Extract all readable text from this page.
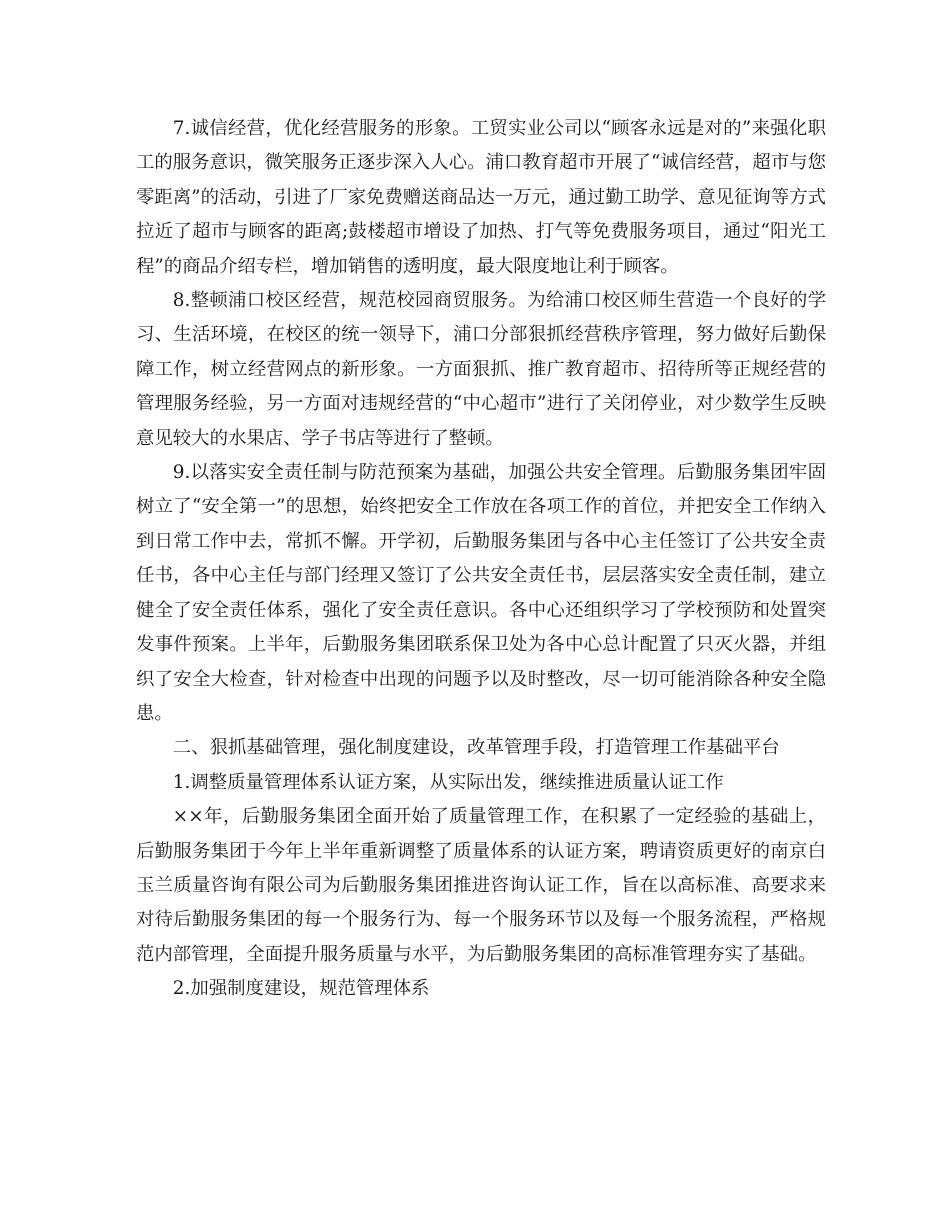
7.诚信经营，优化经营服务的形象。工贸实业公司以“顾客永远是对的”来强化职工的服务意识，微笑服务正逐步深入人心。浦口教育超市开展了“诚信经营，超市与您零距离”的活动，引进了厂家免费赠送商品达一万元，通过勤工助学、意见征询等方式拉近了超市与顾客的距离;鼓楼超市增设了加热、打气等免费服务项目，通过“阳光工程”的商品介绍专栏，增加销售的透明度，最大限度地让利于顾客。

8.整顿浦口校区经营，规范校园商贸服务。为给浦口校区师生营造一个良好的学习、生活环境，在校区的统一领导下，浦口分部狠抓经营秩序管理，努力做好后勤保障工作，树立经营网点的新形象。一方面狠抓、推广教育超市、招待所等正规经营的管理服务经验，另一方面对违规经营的“中心超市”进行了关闭停业，对少数学生反映意见较大的水果店、学子书店等进行了整顿。

9.以落实安全责任制与防范预案为基础，加强公共安全管理。后勤服务集团牢固树立了“安全第一”的思想，始终把安全工作放在各项工作的首位，并把安全工作纳入到日常工作中去，常抓不懈。开学初，后勤服务集团与各中心主任签订了公共安全责任书，各中心主任与部门经理又签订了公共安全责任书，层层落实安全责任制，建立健全了安全责任体系，强化了安全责任意识。各中心还组织学习了学校预防和处置突发事件预案。上半年，后勤服务集团联系保卫处为各中心总计配置了只灭火器，并组织了安全大检查，针对检查中出现的问题予以及时整改，尽一切可能消除各种安全隐患。

二、狠抓基础管理，强化制度建设，改革管理手段，打造管理工作基础平台

1.调整质量管理体系认证方案，从实际出发，继续推进质量认证工作

××年，后勤服务集团全面开始了质量管理工作，在积累了一定经验的基础上，后勤服务集团于今年上半年重新调整了质量体系的认证方案，聘请资质更好的南京白玉兰质量咨询有限公司为后勤服务集团推进咨询认证工作，旨在以高标准、高要求来对待后勤服务集团的每一个服务行为、每一个服务环节以及每一个服务流程，严格规范内部管理，全面提升服务质量与水平，为后勤服务集团的高标准管理夯实了基础。

2.加强制度建设，规范管理体系
